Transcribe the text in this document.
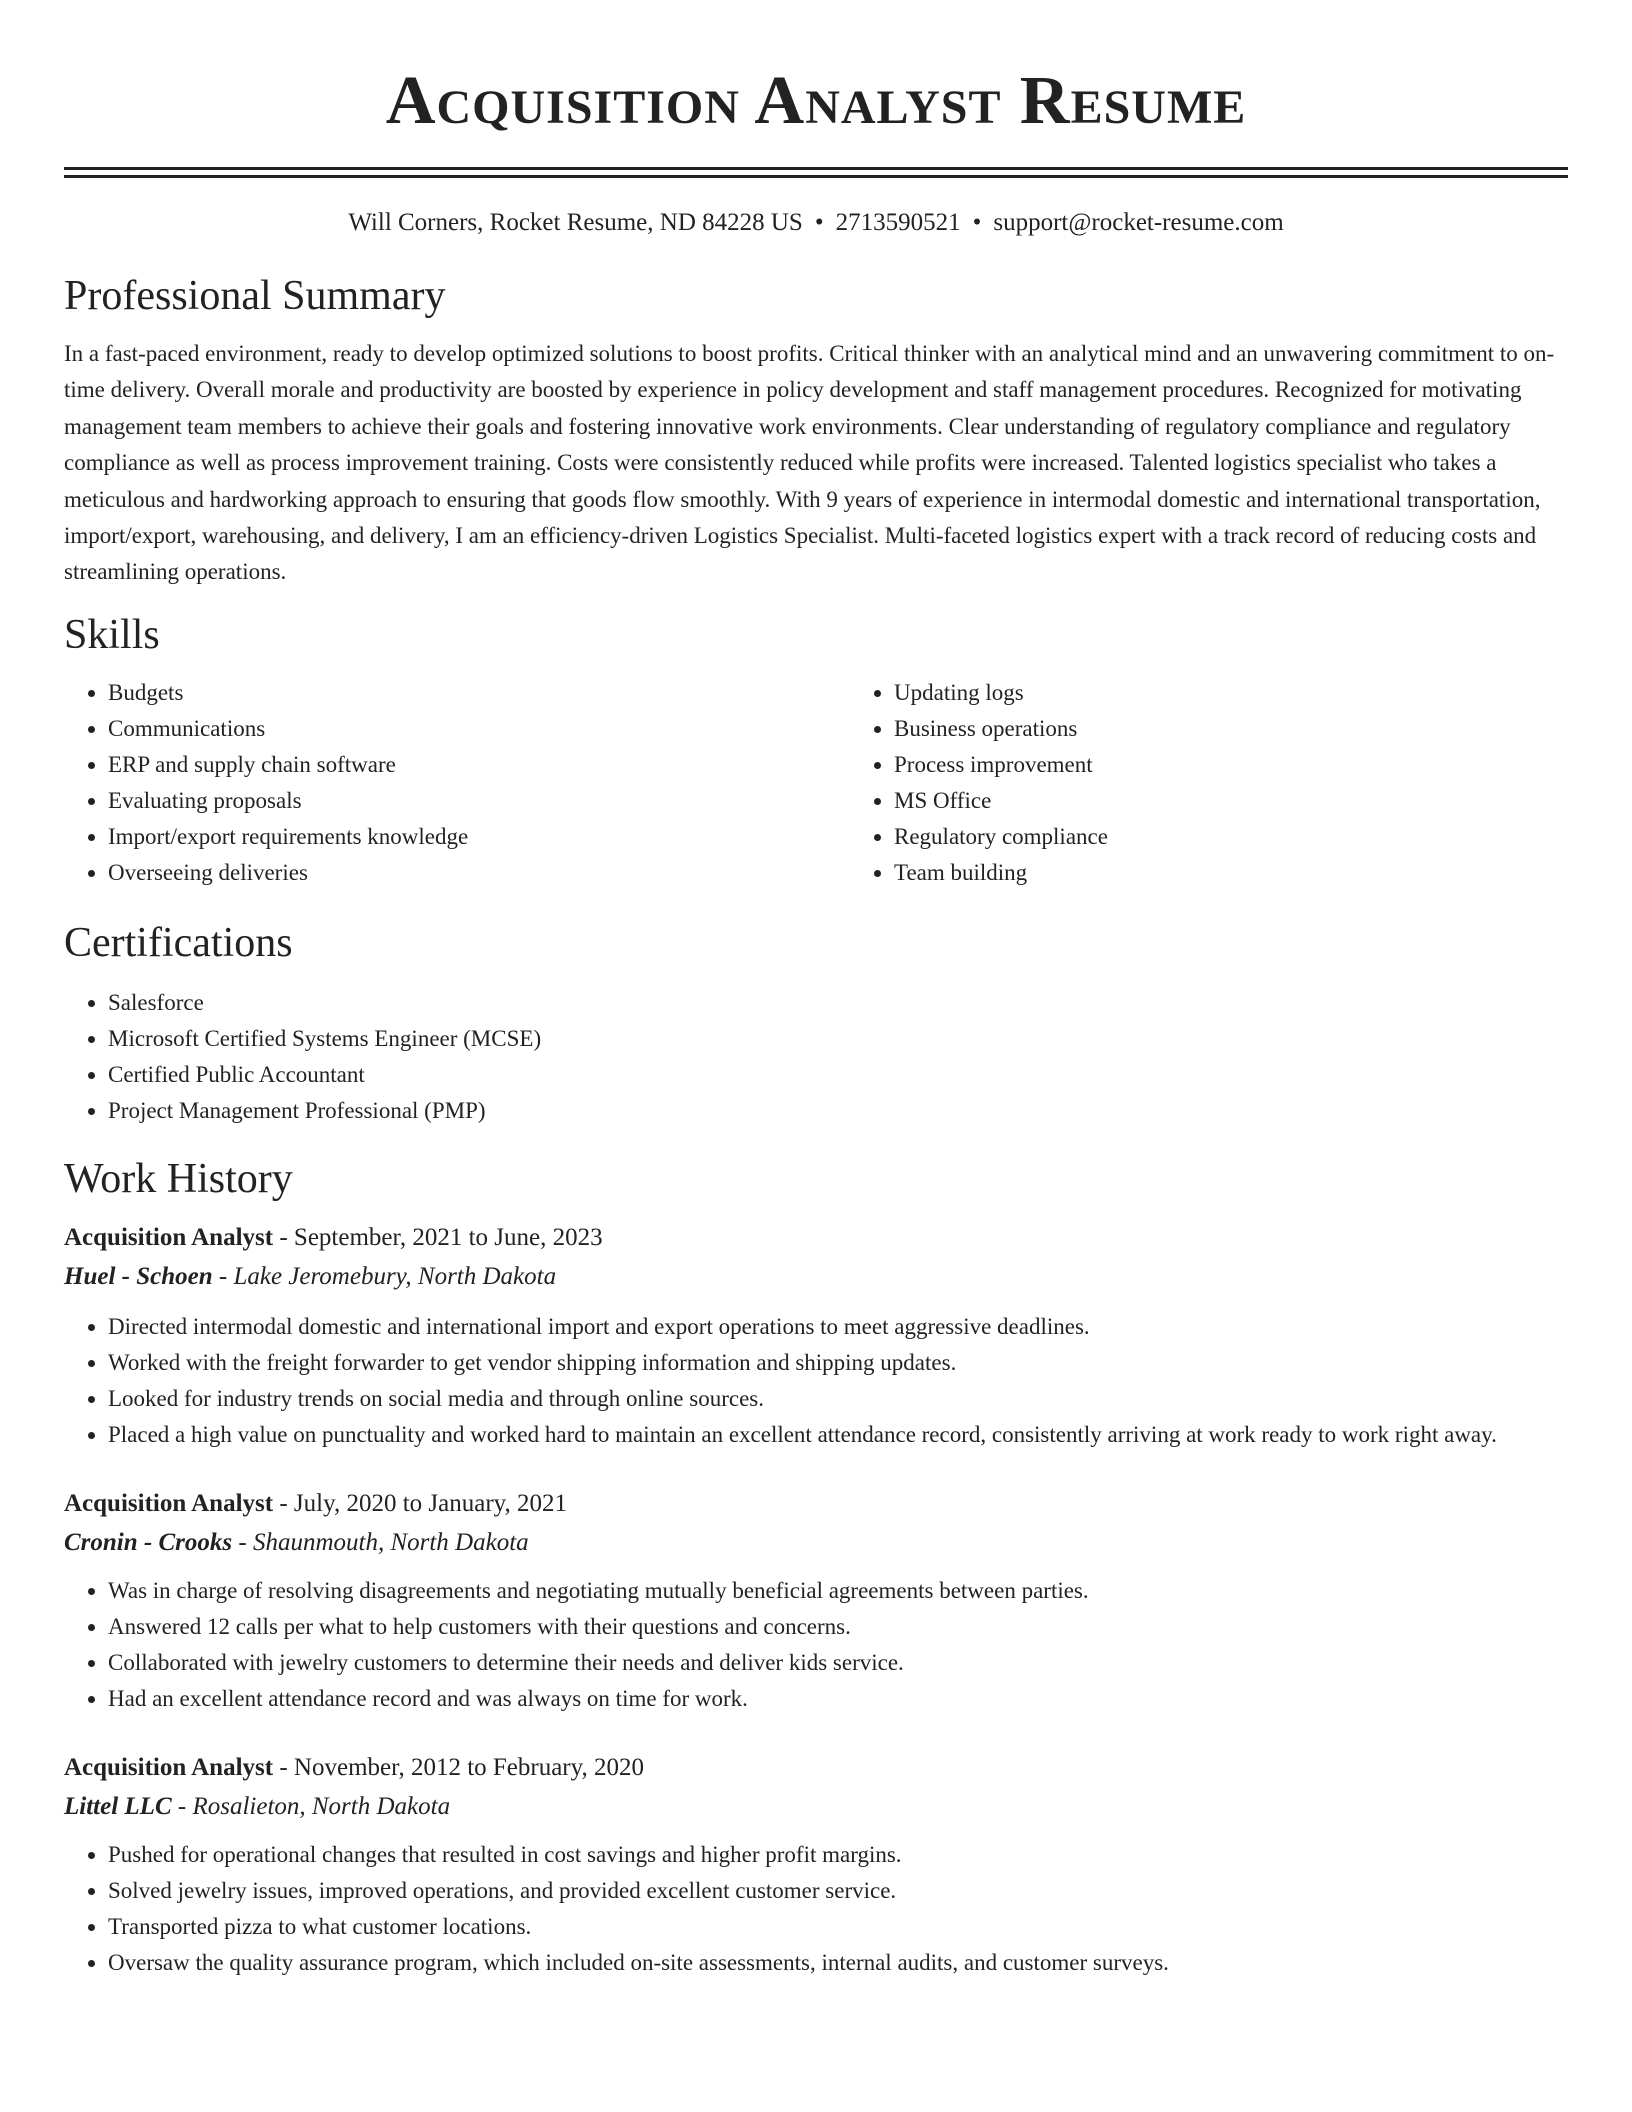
Acquisition Analyst Resume
Will Corners, Rocket Resume, ND 84228 US • 2713590521 • support@rocket-resume.com
Professional Summary

In a fast-paced environment, ready to develop optimized solutions to boost profits. Critical thinker with an analytical mind and an unwavering commitment to on-time delivery. Overall morale and productivity are boosted by experience in policy development and staff management procedures. Recognized for motivating management team members to achieve their goals and fostering innovative work environments. Clear understanding of regulatory compliance and regulatory compliance as well as process improvement training. Costs were consistently reduced while profits were increased. Talented logistics specialist who takes a meticulous and hardworking approach to ensuring that goods flow smoothly. With 9 years of experience in intermodal domestic and international transportation, import/export, warehousing, and delivery, I am an efficiency-driven Logistics Specialist. Multi-faceted logistics expert with a track record of reducing costs and streamlining operations.

Skills
• Budgets
• Communications
• ERP and supply chain software
• Evaluating proposals
• Import/export requirements knowledge
• Overseeing deliveries
• Updating logs
• Business operations
• Process improvement
• MS Office
• Regulatory compliance
• Team building
Certifications
• Salesforce
• Microsoft Certified Systems Engineer (MCSE)
• Certified Public Accountant
• Project Management Professional (PMP)
Work History

Acquisition Analyst - September, 2021 to June, 2023

Huel - Schoen - Lake Jeromebury, North Dakota

• Directed intermodal domestic and international import and export operations to meet aggressive deadlines.
• Worked with the freight forwarder to get vendor shipping information and shipping updates.
• Looked for industry trends on social media and through online sources.
• Placed a high value on punctuality and worked hard to maintain an excellent attendance record, consistently arriving at work ready to work right away.

Acquisition Analyst - July, 2020 to January, 2021

Cronin - Crooks - Shaunmouth, North Dakota

• Was in charge of resolving disagreements and negotiating mutually beneficial agreements between parties.
• Answered 12 calls per what to help customers with their questions and concerns.
• Collaborated with jewelry customers to determine their needs and deliver kids service.
• Had an excellent attendance record and was always on time for work.

Acquisition Analyst - November, 2012 to February, 2020

Littel LLC - Rosalieton, North Dakota

• Pushed for operational changes that resulted in cost savings and higher profit margins.
• Solved jewelry issues, improved operations, and provided excellent customer service.
• Transported pizza to what customer locations.
• Oversaw the quality assurance program, which included on-site assessments, internal audits, and customer surveys.
